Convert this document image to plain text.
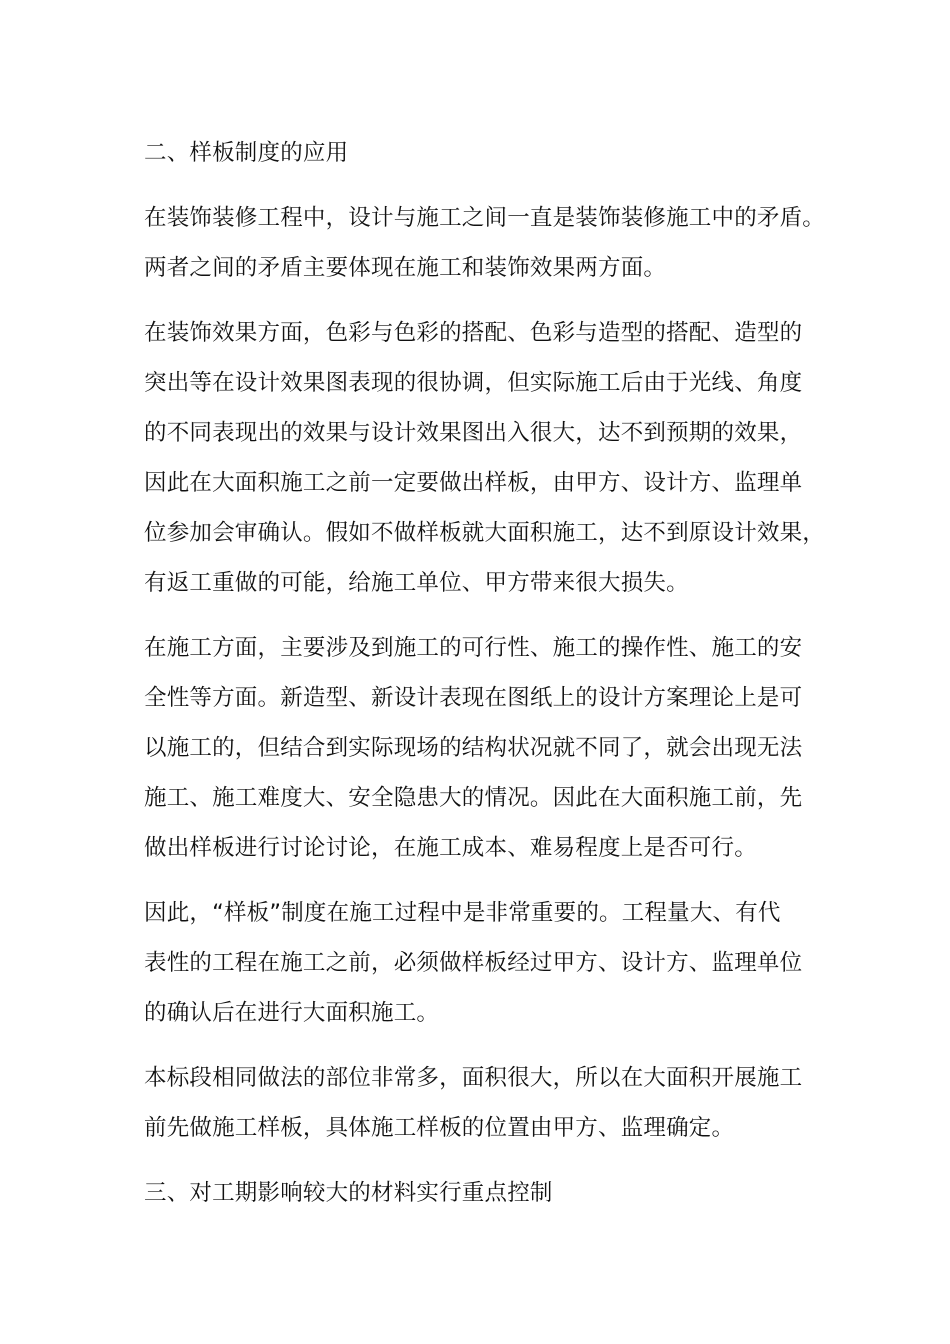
二、样板制度的应用

在装饰装修工程中，设计与施工之间一直是装饰装修施工中的矛盾。
两者之间的矛盾主要体现在施工和装饰效果两方面。

在装饰效果方面，色彩与色彩的搭配、色彩与造型的搭配、造型的
突出等在设计效果图表现的很协调，但实际施工后由于光线、角度
的不同表现出的效果与设计效果图出入很大，达不到预期的效果，
因此在大面积施工之前一定要做出样板，由甲方、设计方、监理单
位参加会审确认。假如不做样板就大面积施工，达不到原设计效果，
有返工重做的可能，给施工单位、甲方带来很大损失。

在施工方面，主要涉及到施工的可行性、施工的操作性、施工的安
全性等方面。新造型、新设计表现在图纸上的设计方案理论上是可
以施工的，但结合到实际现场的结构状况就不同了，就会出现无法
施工、施工难度大、安全隐患大的情况。因此在大面积施工前，先
做出样板进行讨论讨论，在施工成本、难易程度上是否可行。

因此，“样板”制度在施工过程中是非常重要的。工程量大、有代
表性的工程在施工之前，必须做样板经过甲方、设计方、监理单位
的确认后在进行大面积施工。

本标段相同做法的部位非常多，面积很大，所以在大面积开展施工
前先做施工样板，具体施工样板的位置由甲方、监理确定。

三、对工期影响较大的材料实行重点控制
